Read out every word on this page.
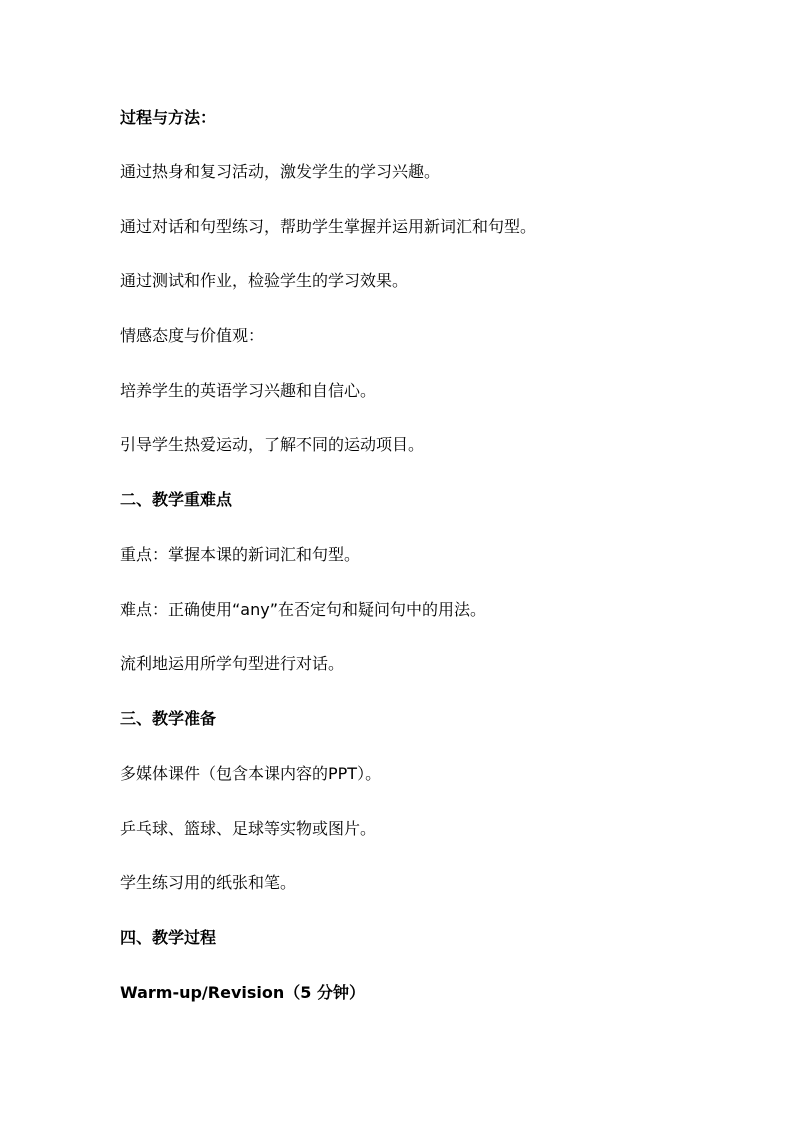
过程与方法：

通过热身和复习活动，激发学生的学习兴趣。

通过对话和句型练习，帮助学生掌握并运用新词汇和句型。

通过测试和作业，检验学生的学习效果。

情感态度与价值观：

培养学生的英语学习兴趣和自信心。

引导学生热爱运动，了解不同的运动项目。

二、教学重难点

重点：掌握本课的新词汇和句型。

难点：正确使用“any”在否定句和疑问句中的用法。

流利地运用所学句型进行对话。

三、教学准备

多媒体课件（包含本课内容的PPT）。

乒乓球、篮球、足球等实物或图片。

学生练习用的纸张和笔。

四、教学过程

Warm-up/Revision（5 分钟）
